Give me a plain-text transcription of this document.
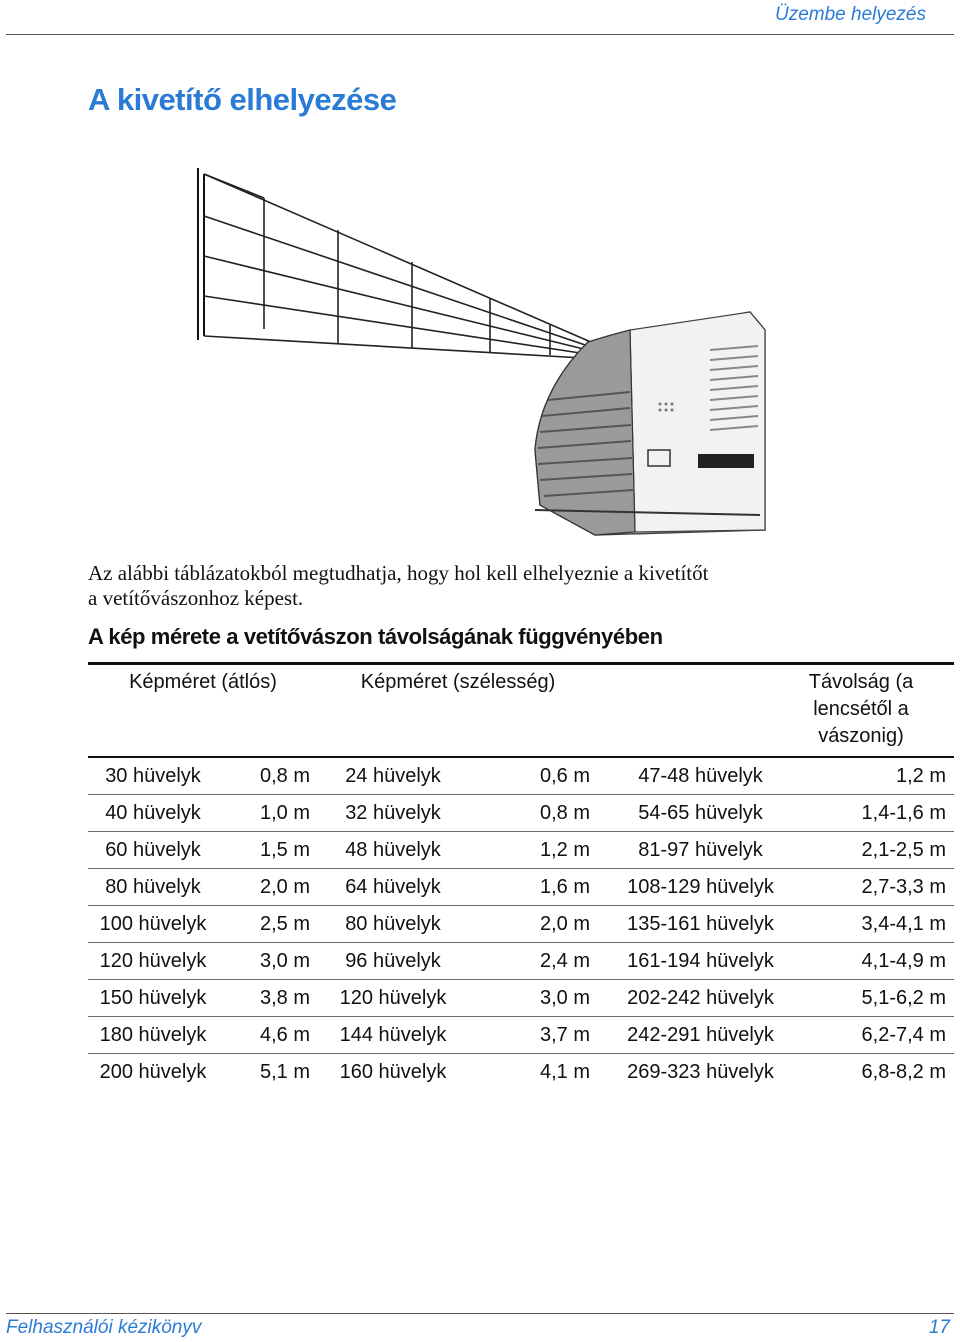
Üzembe helyezés
A kivetítő elhelyezése
Az alábbi táblázatokból megtudhatja, hogy hol kell elhelyeznie a kivetítőt
a vetítővászonhoz képest.
A kép mérete a vetítővászon távolságának függvényében
Képméret (átlós)		Képméret (szélesség)		Távolság (a lencsétől a vászonig)	
30 hüvelyk	0,8 m	24 hüvelyk	0,6 m	47-48 hüvelyk	1,2 m
40 hüvelyk	1,0 m	32 hüvelyk	0,8 m	54-65 hüvelyk	1,4-1,6 m
60 hüvelyk	1,5 m	48 hüvelyk	1,2 m	81-97 hüvelyk	2,1-2,5 m
80 hüvelyk	2,0 m	64 hüvelyk	1,6 m	108-129 hüvelyk	2,7-3,3 m
100 hüvelyk	2,5 m	80 hüvelyk	2,0 m	135-161 hüvelyk	3,4-4,1 m
120 hüvelyk	3,0 m	96 hüvelyk	2,4 m	161-194 hüvelyk	4,1-4,9 m
150 hüvelyk	3,8 m	120 hüvelyk	3,0 m	202-242 hüvelyk	5,1-6,2 m
180 hüvelyk	4,6 m	144 hüvelyk	3,7 m	242-291 hüvelyk	6,2-7,4 m
200 hüvelyk	5,1 m	160 hüvelyk	4,1 m	269-323 hüvelyk	6,8-8,2 m
Felhasználói kézikönyv	17
